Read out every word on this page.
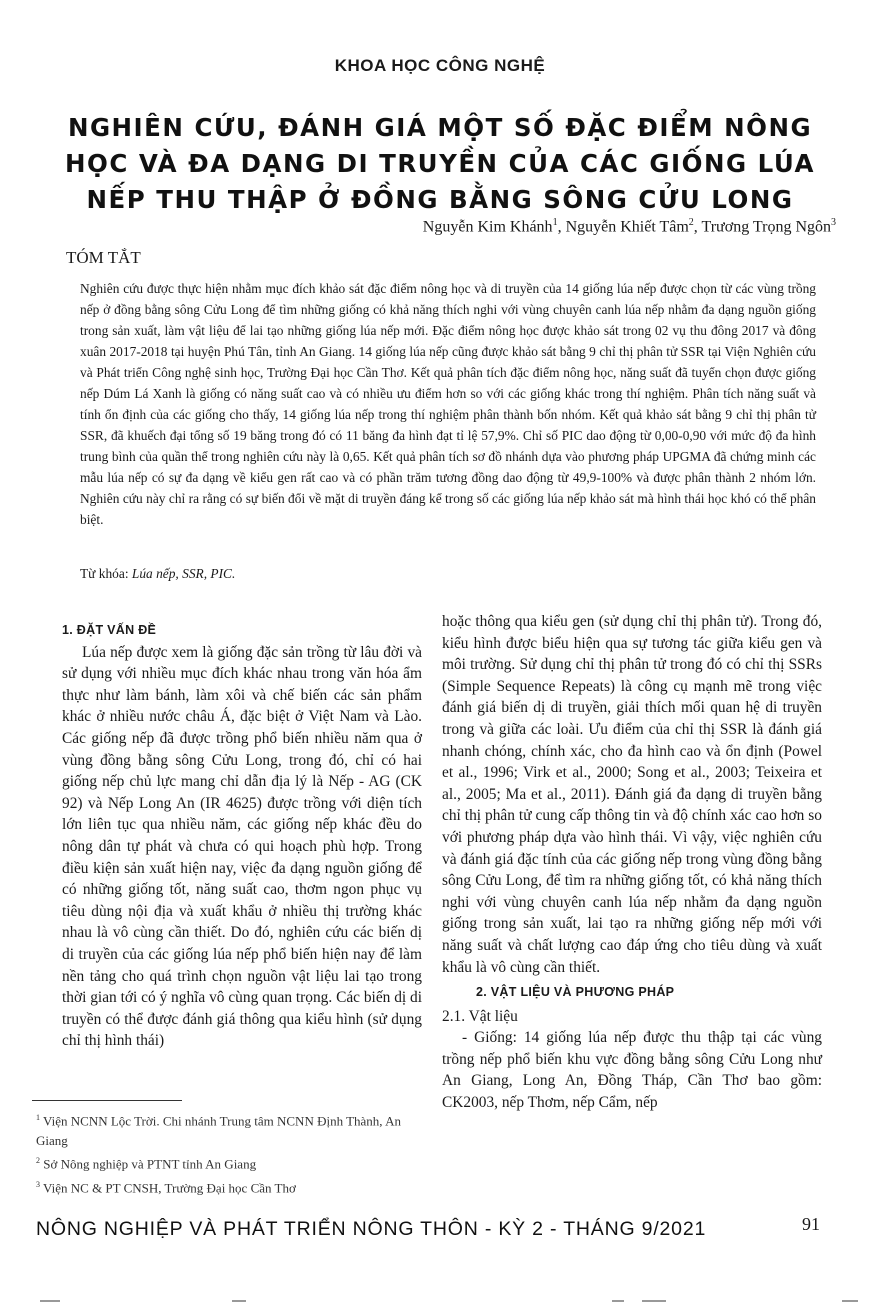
KHOA HỌC CÔNG NGHỆ
NGHIÊN CỨU, ĐÁNH GIÁ MỘT SỐ ĐẶC ĐIỂM NÔNG HỌC VÀ ĐA DẠNG DI TRUYỀN CỦA CÁC GIỐNG LÚA NẾP THU THẬP Ở ĐỒNG BẰNG SÔNG CỬU LONG
Nguyễn Kim Khánh$^1$, Nguyễn Khiết Tâm$^2$, Trương Trọng Ngôn$^3$
TÓM TẮT
Nghiên cứu được thực hiện nhằm mục đích khảo sát đặc điểm nông học và di truyền của 14 giống lúa nếp được chọn từ các vùng trồng nếp ở đồng bằng sông Cửu Long để tìm những giống có khả năng thích nghi với vùng chuyên canh lúa nếp nhằm đa dạng nguồn giống trong sản xuất, làm vật liệu để lai tạo những giống lúa nếp mới. Đặc điểm nông học được khảo sát trong 02 vụ thu đông 2017 và đông xuân 2017-2018 tại huyện Phú Tân, tỉnh An Giang. 14 giống lúa nếp cũng được khảo sát bằng 9 chỉ thị phân tử SSR tại Viện Nghiên cứu và Phát triển Công nghệ sinh học, Trường Đại học Cần Thơ. Kết quả phân tích đặc điểm nông học, năng suất đã tuyển chọn được giống nếp Dúm Lá Xanh là giống có năng suất cao và có nhiều ưu điểm hơn so với các giống khác trong thí nghiệm. Phân tích năng suất và tính ổn định của các giống cho thấy, 14 giống lúa nếp trong thí nghiệm phân thành bốn nhóm. Kết quả khảo sát bằng 9 chỉ thị phân tử SSR, đã khuếch đại tổng số 19 băng trong đó có 11 băng đa hình đạt tỉ lệ 57,9%. Chỉ số PIC dao động từ 0,00-0,90 với mức độ đa hình trung bình của quần thể trong nghiên cứu này là 0,65. Kết quả phân tích sơ đồ nhánh dựa vào phương pháp UPGMA đã chứng minh các mẫu lúa nếp có sự đa dạng về kiểu gen rất cao và có phần trăm tương đồng dao động từ 49,9-100% và được phân thành 2 nhóm lớn. Nghiên cứu này chỉ ra rằng có sự biến đổi về mặt di truyền đáng kể trong số các giống lúa nếp khảo sát mà hình thái học khó có thể phân biệt.
Từ khóa: Lúa nếp, SSR, PIC.

1. ĐẶT VẤN ĐỀ

Lúa nếp được xem là giống đặc sản trồng từ lâu đời và sử dụng với nhiều mục đích khác nhau trong văn hóa ẩm thực như làm bánh, làm xôi và chế biến các sản phẩm khác ở nhiều nước châu Á, đặc biệt ở Việt Nam và Lào. Các giống nếp đã được trồng phổ biến nhiều năm qua ở vùng đồng bằng sông Cửu Long, trong đó, chỉ có hai giống nếp chủ lực mang chỉ dẫn địa lý là Nếp - AG (CK 92) và Nếp Long An (IR 4625) được trồng với diện tích lớn liên tục qua nhiều năm, các giống nếp khác đều do nông dân tự phát và chưa có qui hoạch phù hợp. Trong điều kiện sản xuất hiện nay, việc đa dạng nguồn giống để có những giống tốt, năng suất cao, thơm ngon phục vụ tiêu dùng nội địa và xuất khẩu ở nhiều thị trường khác nhau là vô cùng cần thiết. Do đó, nghiên cứu các biến dị di truyền của các giống lúa nếp phổ biến hiện nay để làm nền tảng cho quá trình chọn nguồn vật liệu lai tạo trong thời gian tới có ý nghĩa vô cùng quan trọng. Các biến dị di truyền có thể được đánh giá thông qua kiểu hình (sử dụng chỉ thị hình thái)

hoặc thông qua kiểu gen (sử dụng chỉ thị phân tử). Trong đó, kiểu hình được biểu hiện qua sự tương tác giữa kiểu gen và môi trường. Sử dụng chỉ thị phân tử trong đó có chỉ thị SSRs (Simple Sequence Repeats) là công cụ mạnh mẽ trong việc đánh giá biến dị di truyền, giải thích mối quan hệ di truyền trong và giữa các loài. Ưu điểm của chỉ thị SSR là đánh giá nhanh chóng, chính xác, cho đa hình cao và ổn định (Powel et al., 1996; Virk et al., 2000; Song et al., 2003; Teixeira et al., 2005; Ma et al., 2011). Đánh giá đa dạng di truyền bằng chỉ thị phân tử cung cấp thông tin và độ chính xác cao hơn so với phương pháp dựa vào hình thái. Vì vậy, việc nghiên cứu và đánh giá đặc tính của các giống nếp trong vùng đồng bằng sông Cửu Long, để tìm ra những giống tốt, có khả năng thích nghi với vùng chuyên canh lúa nếp nhằm đa dạng nguồn giống trong sản xuất, lai tạo ra những giống nếp mới với năng suất và chất lượng cao đáp ứng cho tiêu dùng và xuất khẩu là vô cùng cần thiết.

2. VẬT LIỆU VÀ PHƯƠNG PHÁP

2.1. Vật liệu

- Giống: 14 giống lúa nếp được thu thập tại các vùng trồng nếp phổ biến khu vực đồng bằng sông Cửu Long như An Giang, Long An, Đồng Tháp, Cần Thơ bao gồm: CK2003, nếp Thơm, nếp Cẩm, nếp

$^1$ Viện NCNN Lộc Trời. Chi nhánh Trung tâm NCNN Định Thành, An Giang
$^2$ Sở Nông nghiệp và PTNT tỉnh An Giang
$^3$ Viện NC & PT CNSH, Trường Đại học Cần Thơ
NÔNG NGHIỆP VÀ PHÁT TRIỂN NÔNG THÔN - KỲ 2 - THÁNG 9/2021	91
